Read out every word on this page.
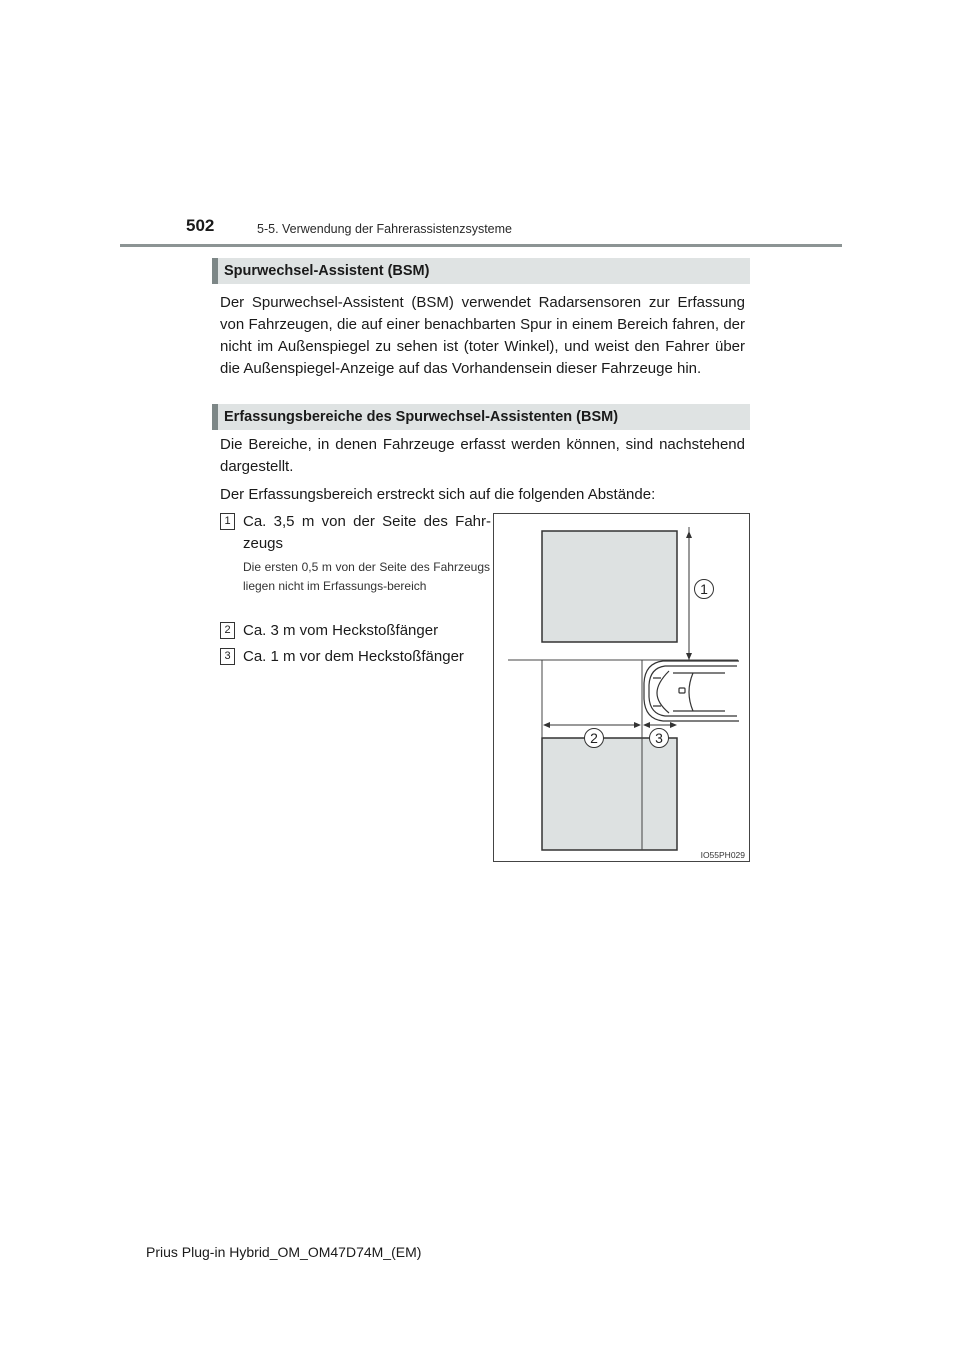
502	5-5. Verwendung der Fahrerassistenzsysteme
Spurwechsel-Assistent (BSM)
Der Spurwechsel-Assistent (BSM) verwendet Radarsensoren zur Erfassung von Fahrzeugen, die auf einer benachbarten Spur in einem Bereich fahren, der nicht im Außenspiegel zu sehen ist (toter Winkel), und weist den Fahrer über die Außenspiegel-Anzeige auf das Vorhandensein dieser Fahrzeuge hin.
Erfassungsbereiche des Spurwechsel-Assistenten (BSM)
Die Bereiche, in denen Fahrzeuge erfasst werden können, sind nachstehend dargestellt.
Der Erfassungsbereich erstreckt sich auf die folgenden Abstände:
1 Ca. 3,5 m von der Seite des Fahr-
zeugs
Die ersten 0,5 m von der Seite des Fahrzeugs liegen nicht im Erfassungs-bereich
2 Ca. 3 m vom Heckstoßfänger
3 Ca. 1 m vor dem Heckstoßfänger
1
2	3
IO55PH029
Prius Plug-in Hybrid_OM_OM47D74M_(EM)
